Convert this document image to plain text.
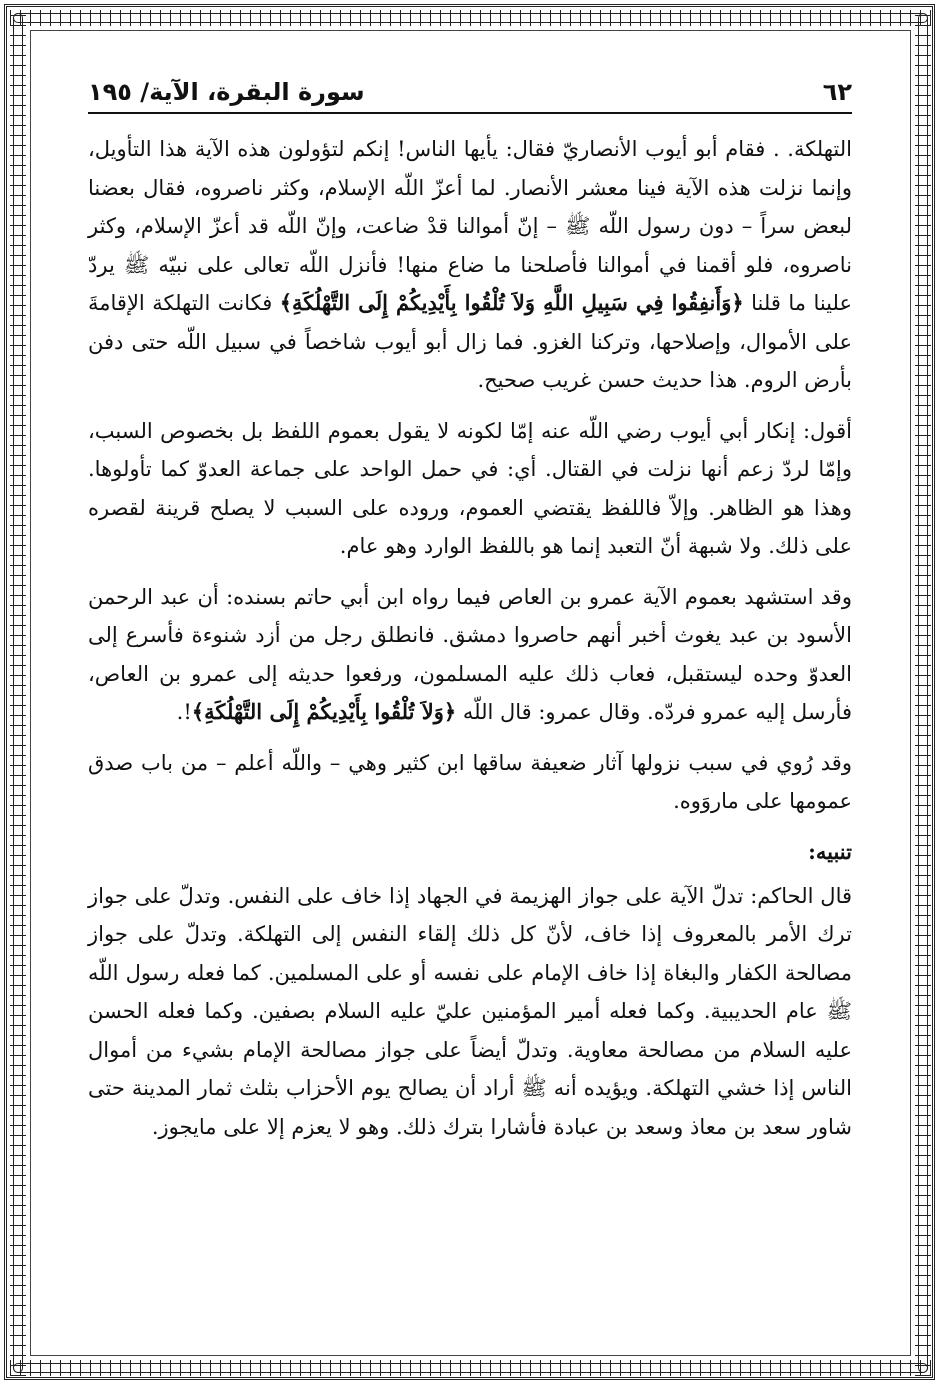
٦٢
سورة البقرة، الآية/ ١٩٥

التهلكة. . فقام أبو أيوب الأنصاريّ فقال: يأيها الناس! إنكم لتؤولون هذه الآية هذا التأويل، وإنما نزلت هذه الآية فينا معشر الأنصار. لما أعزّ اللّه الإسلام، وكثر ناصروه، فقال بعضنا لبعض سراً – دون رسول اللّه ﷺ – إنّ أموالنا قدْ ضاعت، وإنّ اللّه قد أعزّ الإسلام، وكثر ناصروه، فلو أقمنا في أموالنا فأصلحنا ما ضاع منها! فأنزل اللّه تعالى على نبيّه ﷺ يردّ علينا ما قلنا ﴿وَأَنفِقُوا فِي سَبِيلِ اللَّهِ وَلاَ تُلْقُوا بِأَيْدِيكُمْ إِلَى التَّهْلُكَةِ﴾ فكانت التهلكة الإقامةَ على الأموال، وإصلاحها، وتركنا الغزو. فما زال أبو أيوب شاخصاً في سبيل اللّه حتى دفن بأرض الروم. هذا حديث حسن غريب صحيح.

أقول: إنكار أبي أيوب رضي اللّه عنه إمّا لكونه لا يقول بعموم اللفظ بل بخصوص السبب، وإمّا لردّ زعم أنها نزلت في القتال. أي: في حمل الواحد على جماعة العدوّ كما تأولوها. وهذا هو الظاهر. وإلاّ فاللفظ يقتضي العموم، وروده على السبب لا يصلح قرينة لقصره على ذلك. ولا شبهة أنّ التعبد إنما هو باللفظ الوارد وهو عام.

وقد استشهد بعموم الآية عمرو بن العاص فيما رواه ابن أبي حاتم بسنده: أن عبد الرحمن الأسود بن عبد يغوث أخبر أنهم حاصروا دمشق. فانطلق رجل من أزد شنوءة فأسرع إلى العدوّ وحده ليستقبل، فعاب ذلك عليه المسلمون، ورفعوا حديثه إلى عمرو بن العاص، فأرسل إليه عمرو فردّه. وقال عمرو: قال اللّه ﴿وَلاَ تُلْقُوا بِأَيْدِيكُمْ إِلَى التَّهْلُكَةِ﴾!.

وقد رُوي في سبب نزولها آثار ضعيفة ساقها ابن كثير وهي – واللّه أعلم – من باب صدق عمومها على ماروَوه.

تنبيه:

قال الحاكم: تدلّ الآية على جواز الهزيمة في الجهاد إذا خاف على النفس. وتدلّ على جواز ترك الأمر بالمعروف إذا خاف، لأنّ كل ذلك إلقاء النفس إلى التهلكة. وتدلّ على جواز مصالحة الكفار والبغاة إذا خاف الإمام على نفسه أو على المسلمين. كما فعله رسول اللّه ﷺ عام الحديبية. وكما فعله أمير المؤمنين عليّ عليه السلام بصفين. وكما فعله الحسن عليه السلام من مصالحة معاوية. وتدلّ أيضاً على جواز مصالحة الإمام بشيء من أموال الناس إذا خشي التهلكة. ويؤيده أنه ﷺ أراد أن يصالح يوم الأحزاب بثلث ثمار المدينة حتى شاور سعد بن معاذ وسعد بن عبادة فأشارا بترك ذلك. وهو لا يعزم إلا على مايجوز.
